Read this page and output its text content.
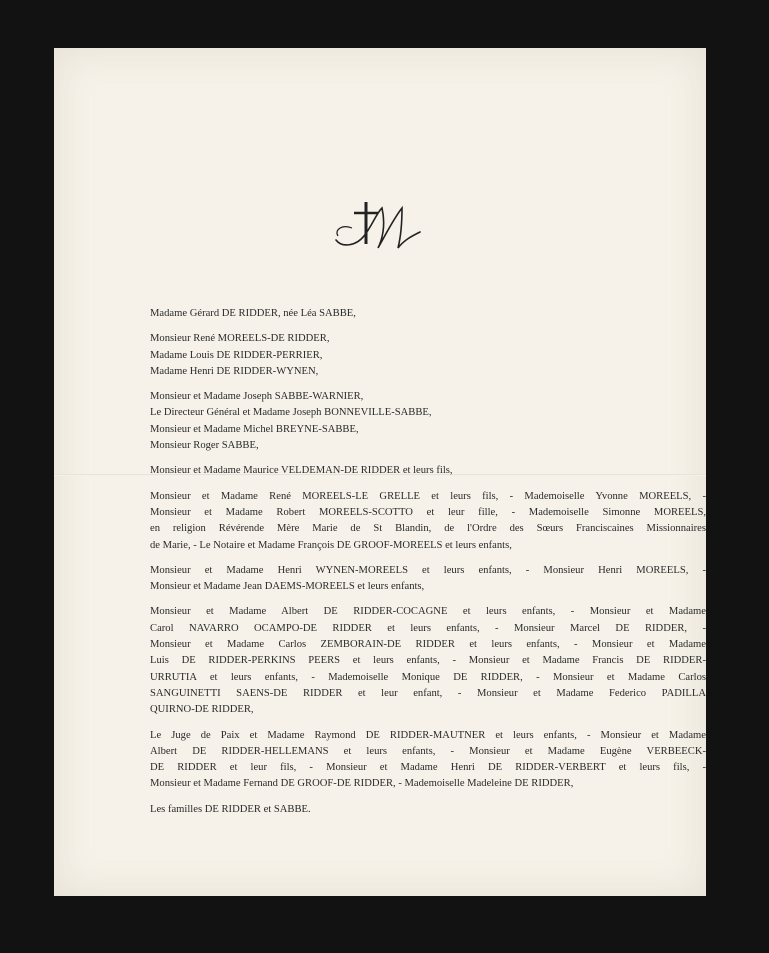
Madame Gérard DE RIDDER, née Léa SABBE,
Monsieur René MOREELS-DE RIDDER,
Madame Louis DE RIDDER-PERRIER,
Madame Henri DE RIDDER-WYNEN,
Monsieur et Madame Joseph SABBE-WARNIER,
Le Directeur Général et Madame Joseph BONNEVILLE-SABBE,
Monsieur et Madame Michel BREYNE-SABBE,
Monsieur Roger SABBE,
Monsieur et Madame Maurice VELDEMAN-DE RIDDER et leurs fils,
Monsieur et Madame René MOREELS-LE GRELLE et leurs fils, - Mademoiselle Yvonne MOREELS, -
Monsieur et Madame Robert MOREELS-SCOTTO et leur fille, - Mademoiselle Simonne MOREELS,
en religion Révérende Mère Marie de St Blandin, de l'Ordre des Sœurs Franciscaines Missionnaires
de Marie, - Le Notaire et Madame François DE GROOF-MOREELS et leurs enfants,
Monsieur et Madame Henri WYNEN-MOREELS et leurs enfants, - Monsieur Henri MOREELS, -
Monsieur et Madame Jean DAEMS-MOREELS et leurs enfants,
Monsieur et Madame Albert DE RIDDER-COCAGNE et leurs enfants, - Monsieur et Madame
Carol NAVARRO OCAMPO-DE RIDDER et leurs enfants, - Monsieur Marcel DE RIDDER, -
Monsieur et Madame Carlos ZEMBORAIN-DE RIDDER et leurs enfants, - Monsieur et Madame
Luis DE RIDDER-PERKINS PEERS et leurs enfants, - Monsieur et Madame Francis DE RIDDER-
URRUTIA et leurs enfants, - Mademoiselle Monique DE RIDDER, - Monsieur et Madame Carlos
SANGUINETTI SAENS-DE RIDDER et leur enfant, - Monsieur et Madame Federico PADILLA
QUIRNO-DE RIDDER,
Le Juge de Paix et Madame Raymond DE RIDDER-MAUTNER et leurs enfants, - Monsieur et Madame
Albert DE RIDDER-HELLEMANS et leurs enfants, - Monsieur et Madame Eugène VERBEECK-
DE RIDDER et leur fils, - Monsieur et Madame Henri DE RIDDER-VERBERT et leurs fils, -
Monsieur et Madame Fernand DE GROOF-DE RIDDER, - Mademoiselle Madeleine DE RIDDER,
Les familles DE RIDDER et SABBE.
